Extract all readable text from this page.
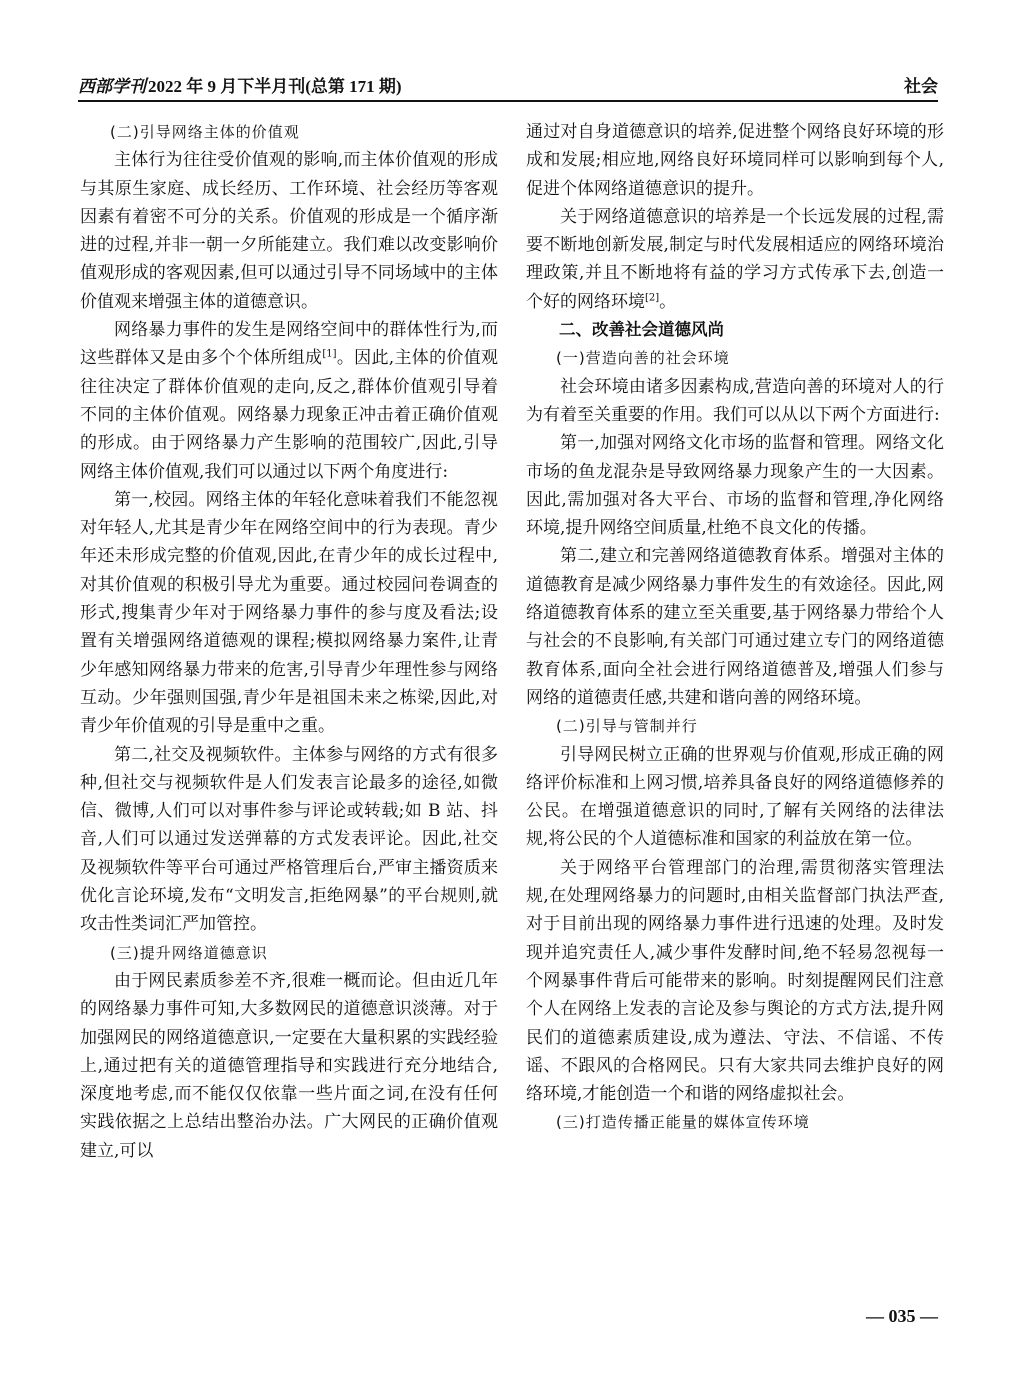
西部学刊 2022 年 9 月下半月刊(总第 171 期)	社会

(二)引导网络主体的价值观

主体行为往往受价值观的影响,而主体价值观的形成与其原生家庭、成长经历、工作环境、社会经历等客观因素有着密不可分的关系。价值观的形成是一个循序渐进的过程,并非一朝一夕所能建立。我们难以改变影响价值观形成的客观因素,但可以通过引导不同场域中的主体价值观来增强主体的道德意识。

网络暴力事件的发生是网络空间中的群体性行为,而这些群体又是由多个个体所组成[1]。因此,主体的价值观往往决定了群体价值观的走向,反之,群体价值观引导着不同的主体价值观。网络暴力现象正冲击着正确价值观的形成。由于网络暴力产生影响的范围较广,因此,引导网络主体价值观,我们可以通过以下两个角度进行:

第一,校园。网络主体的年轻化意味着我们不能忽视对年轻人,尤其是青少年在网络空间中的行为表现。青少年还未形成完整的价值观,因此,在青少年的成长过程中,对其价值观的积极引导尤为重要。通过校园问卷调查的形式,搜集青少年对于网络暴力事件的参与度及看法;设置有关增强网络道德观的课程;模拟网络暴力案件,让青少年感知网络暴力带来的危害,引导青少年理性参与网络互动。少年强则国强,青少年是祖国未来之栋梁,因此,对青少年价值观的引导是重中之重。

第二,社交及视频软件。主体参与网络的方式有很多种,但社交与视频软件是人们发表言论最多的途径,如微信、微博,人们可以对事件参与评论或转载;如 B 站、抖音,人们可以通过发送弹幕的方式发表评论。因此,社交及视频软件等平台可通过严格管理后台,严审主播资质来优化言论环境,发布“文明发言,拒绝网暴”的平台规则,就攻击性类词汇严加管控。

(三)提升网络道德意识

由于网民素质参差不齐,很难一概而论。但由近几年的网络暴力事件可知,大多数网民的道德意识淡薄。对于加强网民的网络道德意识,一定要在大量积累的实践经验上,通过把有关的道德管理指导和实践进行充分地结合,深度地考虑,而不能仅仅依靠一些片面之词,在没有任何实践依据之上总结出整治办法。广大网民的正确价值观建立,可以

通过对自身道德意识的培养,促进整个网络良好环境的形成和发展;相应地,网络良好环境同样可以影响到每个人,促进个体网络道德意识的提升。

关于网络道德意识的培养是一个长远发展的过程,需要不断地创新发展,制定与时代发展相适应的网络环境治理政策,并且不断地将有益的学习方式传承下去,创造一个好的网络环境[2]。

二、改善社会道德风尚

(一)营造向善的社会环境

社会环境由诸多因素构成,营造向善的环境对人的行为有着至关重要的作用。我们可以从以下两个方面进行:

第一,加强对网络文化市场的监督和管理。网络文化市场的鱼龙混杂是导致网络暴力现象产生的一大因素。因此,需加强对各大平台、市场的监督和管理,净化网络环境,提升网络空间质量,杜绝不良文化的传播。

第二,建立和完善网络道德教育体系。增强对主体的道德教育是减少网络暴力事件发生的有效途径。因此,网络道德教育体系的建立至关重要,基于网络暴力带给个人与社会的不良影响,有关部门可通过建立专门的网络道德教育体系,面向全社会进行网络道德普及,增强人们参与网络的道德责任感,共建和谐向善的网络环境。

(二)引导与管制并行

引导网民树立正确的世界观与价值观,形成正确的网络评价标准和上网习惯,培养具备良好的网络道德修养的公民。在增强道德意识的同时,了解有关网络的法律法规,将公民的个人道德标准和国家的利益放在第一位。

关于网络平台管理部门的治理,需贯彻落实管理法规,在处理网络暴力的问题时,由相关监督部门执法严查,对于目前出现的网络暴力事件进行迅速的处理。及时发现并追究责任人,减少事件发酵时间,绝不轻易忽视每一个网暴事件背后可能带来的影响。时刻提醒网民们注意个人在网络上发表的言论及参与舆论的方式方法,提升网民们的道德素质建设,成为遵法、守法、不信谣、不传谣、不跟风的合格网民。只有大家共同去维护良好的网络环境,才能创造一个和谐的网络虚拟社会。

(三)打造传播正能量的媒体宣传环境

— 035 —
